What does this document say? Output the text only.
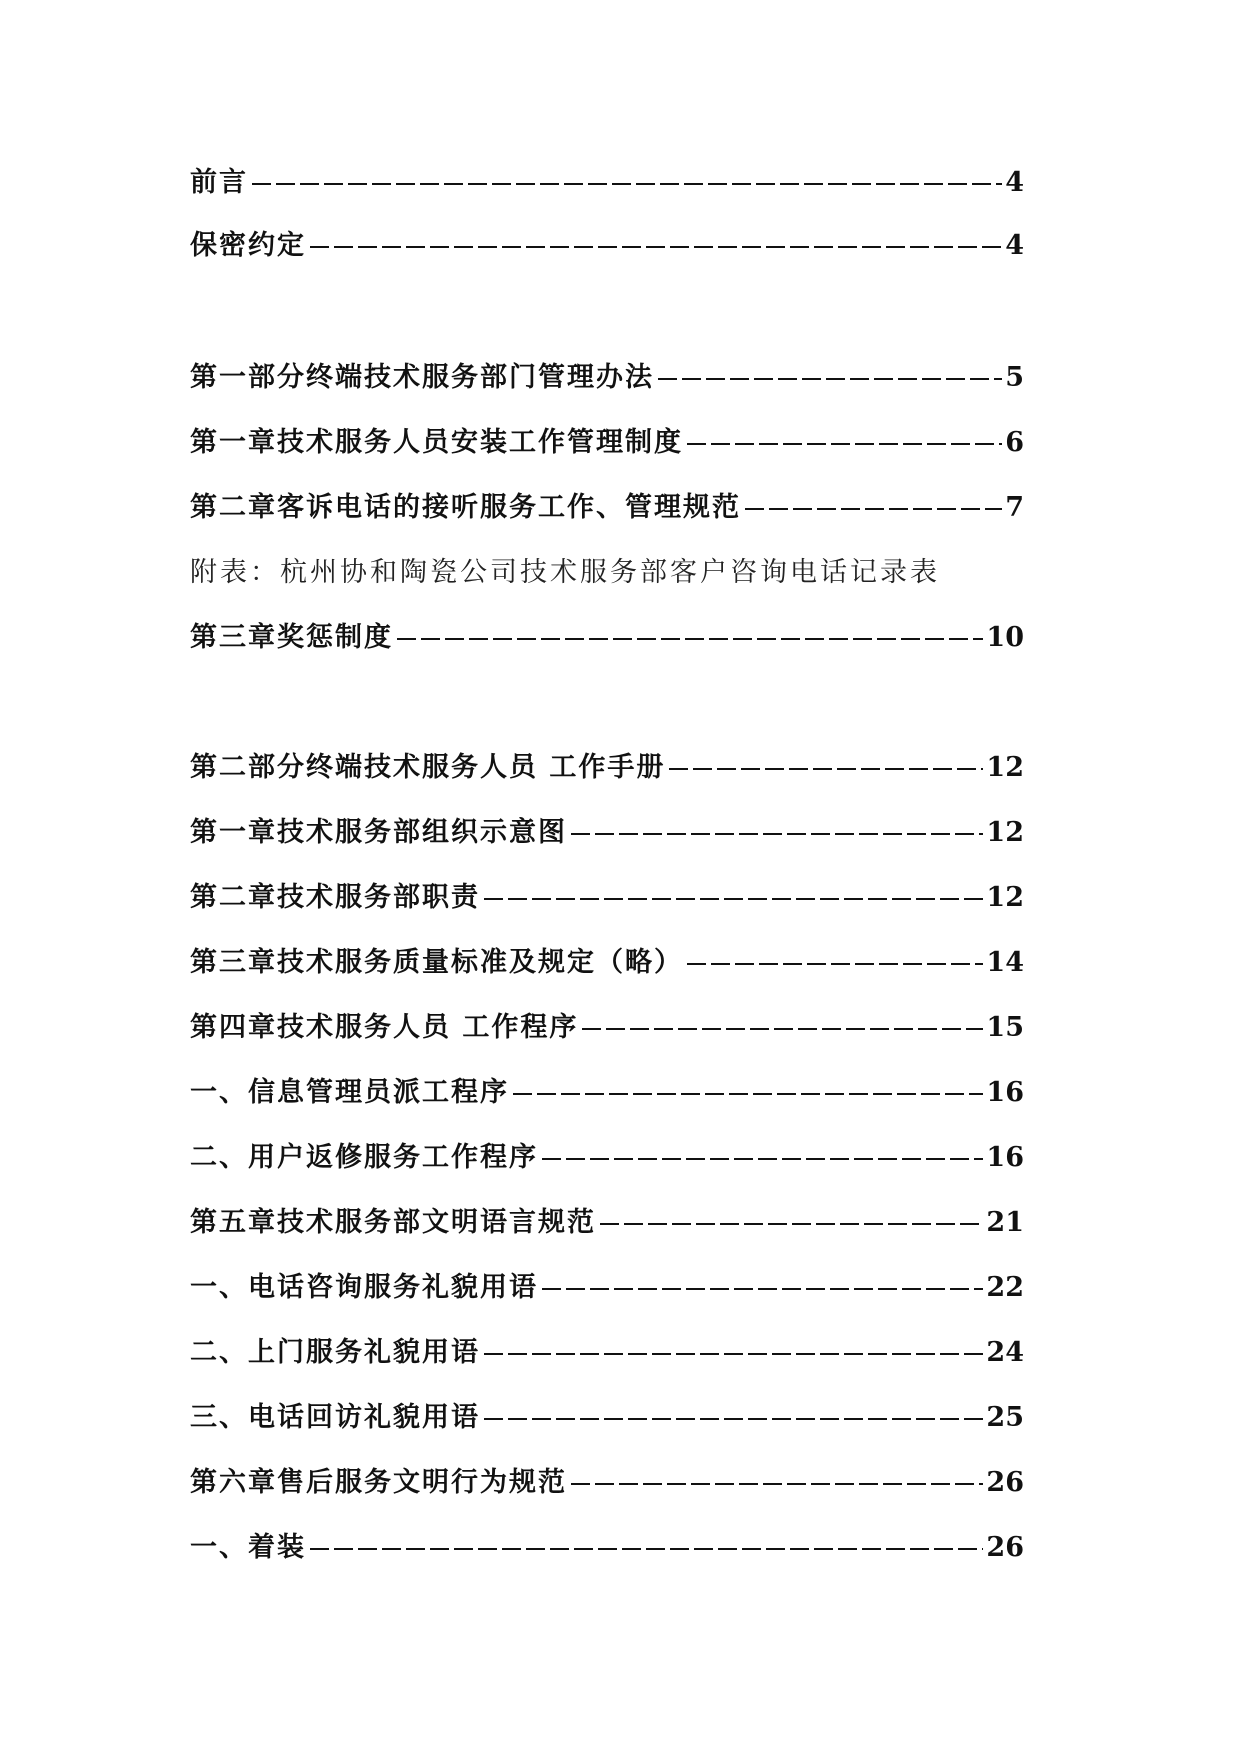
前言	4
保密约定	4
第一部分终端技术服务部门管理办法	5
第一章技术服务人员安装工作管理制度	6
第二章客诉电话的接听服务工作、管理规范	7
附表：杭州协和陶瓷公司技术服务部客户咨询电话记录表
第三章奖惩制度	10
第二部分终端技术服务人员 工作手册	12
第一章技术服务部组织示意图	12
第二章技术服务部职责	12
第三章技术服务质量标准及规定（略）	14
第四章技术服务人员 工作程序	15
一、信息管理员派工程序	16
二、用户返修服务工作程序	16
第五章技术服务部文明语言规范	21
一、电话咨询服务礼貌用语	22
二、上门服务礼貌用语	24
三、电话回访礼貌用语	25
第六章售后服务文明行为规范	26
一、着装	26
